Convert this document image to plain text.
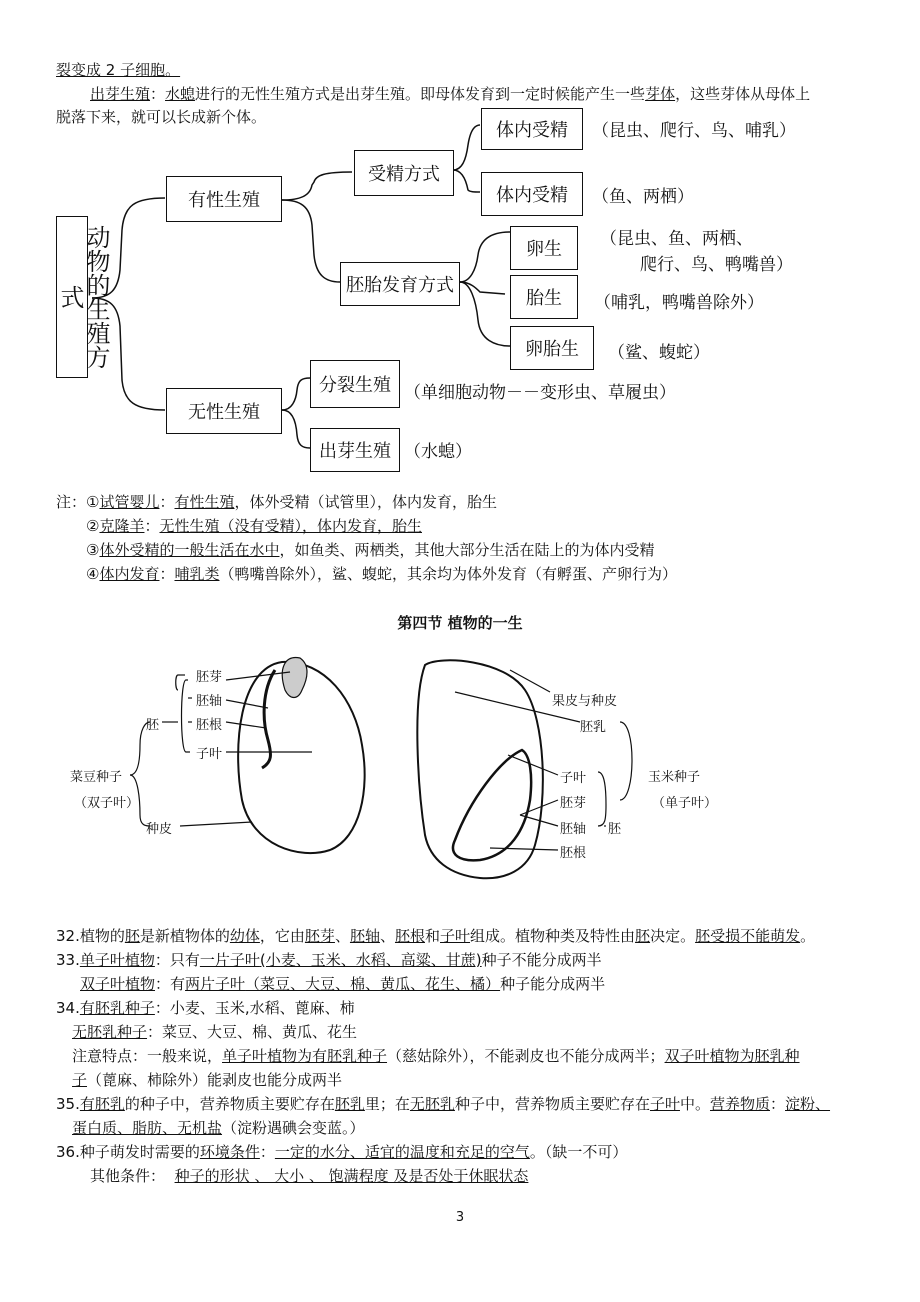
裂变成 2 子细胞。
出芽生殖：水螅进行的无性生殖方式是出芽生殖。即母体发育到一定时候能产生一些芽体，这些芽体从母体上
脱落下来，就可以长成新个体。
动物的生殖方式
有性生殖
无性生殖
受精方式
体内受精
体内受精
胚胎发育方式
卵生
胎生
卵胎生
分裂生殖
出芽生殖
（昆虫、爬行、鸟、哺乳）
（鱼、两栖）
（昆虫、鱼、两栖、
爬行、鸟、鸭嘴兽）
（哺乳，鸭嘴兽除外）
（鲨、蝮蛇）
（单细胞动物－－变形虫、草履虫）
（水螅）
注：①试管婴儿：有性生殖，体外受精（试管里），体内发育，胎生
②克隆羊：无性生殖（没有受精），体内发育，胎生
③体外受精的一般生活在水中，如鱼类、两栖类，其他大部分生活在陆上的为体内受精
④体内发育：哺乳类（鸭嘴兽除外），鲨、蝮蛇，其余均为体外发育（有孵蛋、产卵行为）
第四节 植物的一生
胚芽
胚轴
胚根
子叶
胚
菜豆种子
（双子叶）
种皮
果皮与种皮
胚乳
子叶
胚芽
胚轴
胚根
胚
玉米种子
（单子叶）
32.植物的胚是新植物体的幼体，它由胚芽、胚轴、胚根和子叶组成。植物种类及特性由胚决定。胚受损不能萌发。
33.单子叶植物：只有一片子叶(小麦、玉米、水稻、高粱、甘蔗)种子不能分成两半
双子叶植物：有两片子叶（菜豆、大豆、棉、黄瓜、花生、橘）种子能分成两半
34.有胚乳种子：小麦、玉米,水稻、蓖麻、柿
无胚乳种子：菜豆、大豆、棉、黄瓜、花生
注意特点：一般来说，单子叶植物为有胚乳种子（慈姑除外），不能剥皮也不能分成两半；双子叶植物为胚乳种
子（蓖麻、柿除外）能剥皮也能分成两半
35.有胚乳的种子中，营养物质主要贮存在胚乳里；在无胚乳种子中，营养物质主要贮存在子叶中。营养物质：淀粉、
蛋白质、脂肪、无机盐（淀粉遇碘会变蓝。）
36.种子萌发时需要的环境条件：一定的水分、适宜的温度和充足的空气。（缺一不可）
其他条件： 种子的形状 、 大小 、 饱满程度 及是否处于休眠状态
3
